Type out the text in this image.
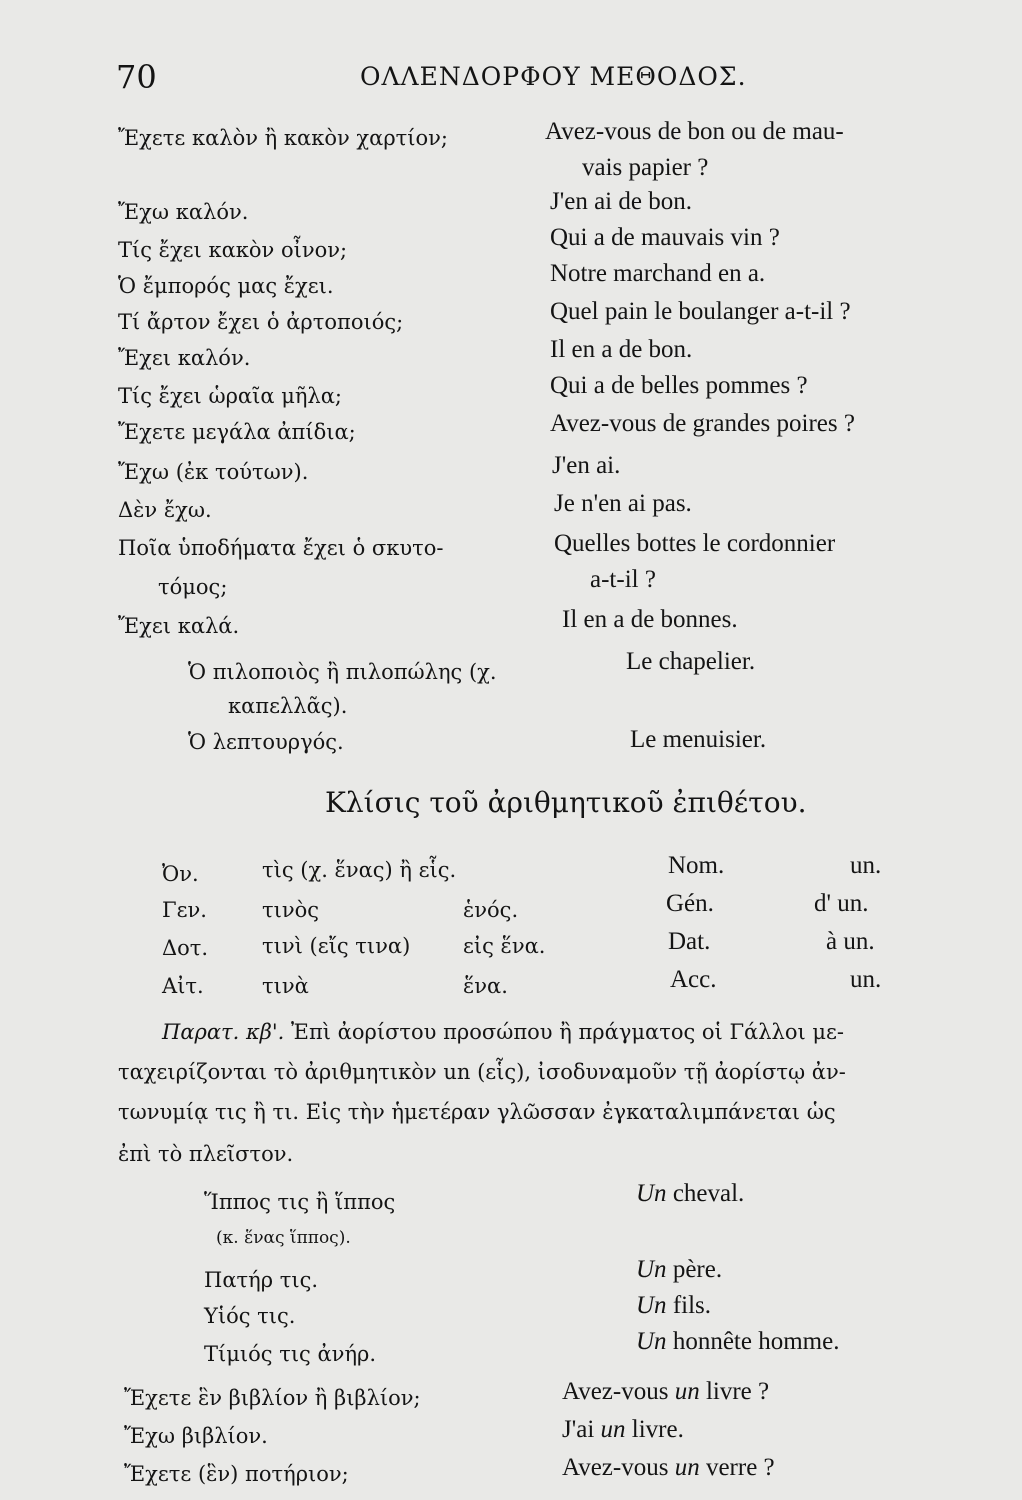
70	ΟΛΛΕΝΔΟΡΦΟΥ ΜΕΘΟΔΟΣ.
Ἔχετε καλὸν ἢ κακὸν χαρτίον;
Ἔχω καλόν.
Τίς ἔχει κακὸν οἶνον;
Ὁ ἔμπορός μας ἔχει.
Τί ἄρτον ἔχει ὁ ἀρτοποιός;
Ἔχει καλόν.
Τίς ἔχει ὡραῖα μῆλα;
Ἔχετε μεγάλα ἀπίδια;
Ἔχω (ἐκ τούτων).
Δὲν ἔχω.
Ποῖα ὑποδήματα ἔχει ὁ σκυτο-
τόμος;
Ἔχει καλά.
Ὁ πιλοποιὸς ἢ πιλοπώλης (χ.
καπελλᾶς).
Ὁ λεπτουργός.
Avez-vous de bon ou de mau-
vais papier ?
J'en ai de bon.
Qui a de mauvais vin ?
Notre marchand en a.
Quel pain le boulanger a-t-il ?
Il en a de bon.
Qui a de belles pommes ?
Avez-vous de grandes poires ?
J'en ai.
Je n'en ai pas.
Quelles bottes le cordonnier
a-t-il ?
Il en a de bonnes.
Le chapelier.
Le menuisier.
Κλίσις τοῦ ἀριθμητικοῦ ἐπιθέτου.
Ὀν.	τὶς (χ. ἕνας) ἢ εἷς.	Nom.	un.
Γεν.	τινὸς	ἑνός.	Gén.	d' un.
Δοτ.	τινὶ (εἴς τινα)	εἰς ἕνα.	Dat.	à un.
Αἰτ.	τινὰ	ἕνα.	Acc.	un.
Παρατ. κβ'. Ἐπὶ ἀορίστου προσώπου ἢ πράγματος οἱ Γάλλοι με-
ταχειρίζονται τὸ ἀριθμητικὸν un (εἷς), ἰσοδυναμοῦν τῇ ἀορίστῳ ἀν-
τωνυμίᾳ τις ἢ τι. Εἰς τὴν ἡμετέραν γλῶσσαν ἐγκαταλιμπάνεται ὡς
ἐπὶ τὸ πλεῖστον.
Ἵππος τις ἢ ἵππος
(κ. ἕνας ἵππος).
Un cheval.
Πατήρ τις.	Un père.
Υἱός τις.	Un fils.
Τίμιός τις ἀνήρ.	Un honnête homme.
Ἔχετε ἓν βιβλίον ἢ βιβλίον;	Avez-vous un livre ?
Ἔχω βιβλίον.	J'ai un livre.
Ἔχετε (ἓν) ποτήριον;	Avez-vous un verre ?
